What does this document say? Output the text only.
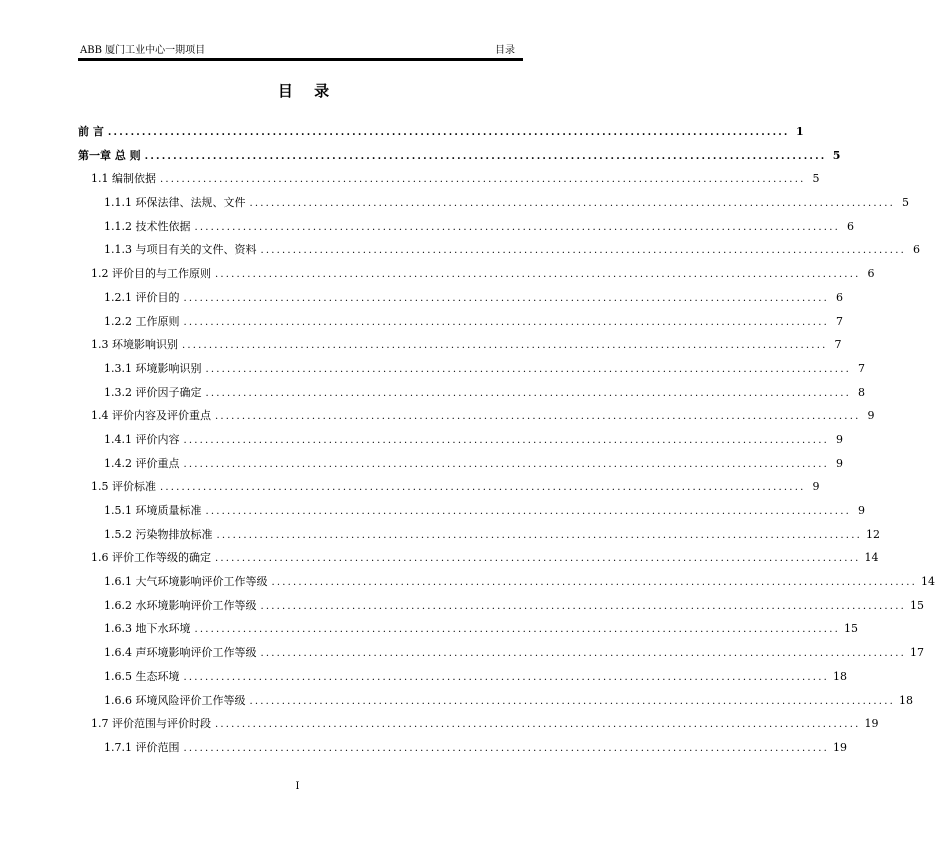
ABB 厦门工业中心一期项目	目录
目 录
前 言 ........................................................................................................................ 1
第一章 总 则 ........................................................................................................................ 5
1.1 编制依据 ........................................................................................................................ 5
1.1.1 环保法律、法规、文件 ........................................................................................................................ 5
1.1.2 技术性依据 ........................................................................................................................ 6
1.1.3 与项目有关的文件、资料 ........................................................................................................................ 6
1.2 评价目的与工作原则 ........................................................................................................................ 6
1.2.1 评价目的 ........................................................................................................................ 6
1.2.2 工作原则 ........................................................................................................................ 7
1.3 环境影响识别 ........................................................................................................................ 7
1.3.1 环境影响识别 ........................................................................................................................ 7
1.3.2 评价因子确定 ........................................................................................................................ 8
1.4 评价内容及评价重点 ........................................................................................................................ 9
1.4.1 评价内容 ........................................................................................................................ 9
1.4.2 评价重点 ........................................................................................................................ 9
1.5 评价标准 ........................................................................................................................ 9
1.5.1 环境质量标准 ........................................................................................................................ 9
1.5.2 污染物排放标准 ........................................................................................................................ 12
1.6 评价工作等级的确定 ........................................................................................................................ 14
1.6.1 大气环境影响评价工作等级 ........................................................................................................................ 14
1.6.2 水环境影响评价工作等级 ........................................................................................................................ 15
1.6.3 地下水环境 ........................................................................................................................ 15
1.6.4 声环境影响评价工作等级 ........................................................................................................................ 17
1.6.5 生态环境 ........................................................................................................................ 18
1.6.6 环境风险评价工作等级 ........................................................................................................................ 18
1.7 评价范围与评价时段 ........................................................................................................................ 19
1.7.1 评价范围 ........................................................................................................................ 19
I
